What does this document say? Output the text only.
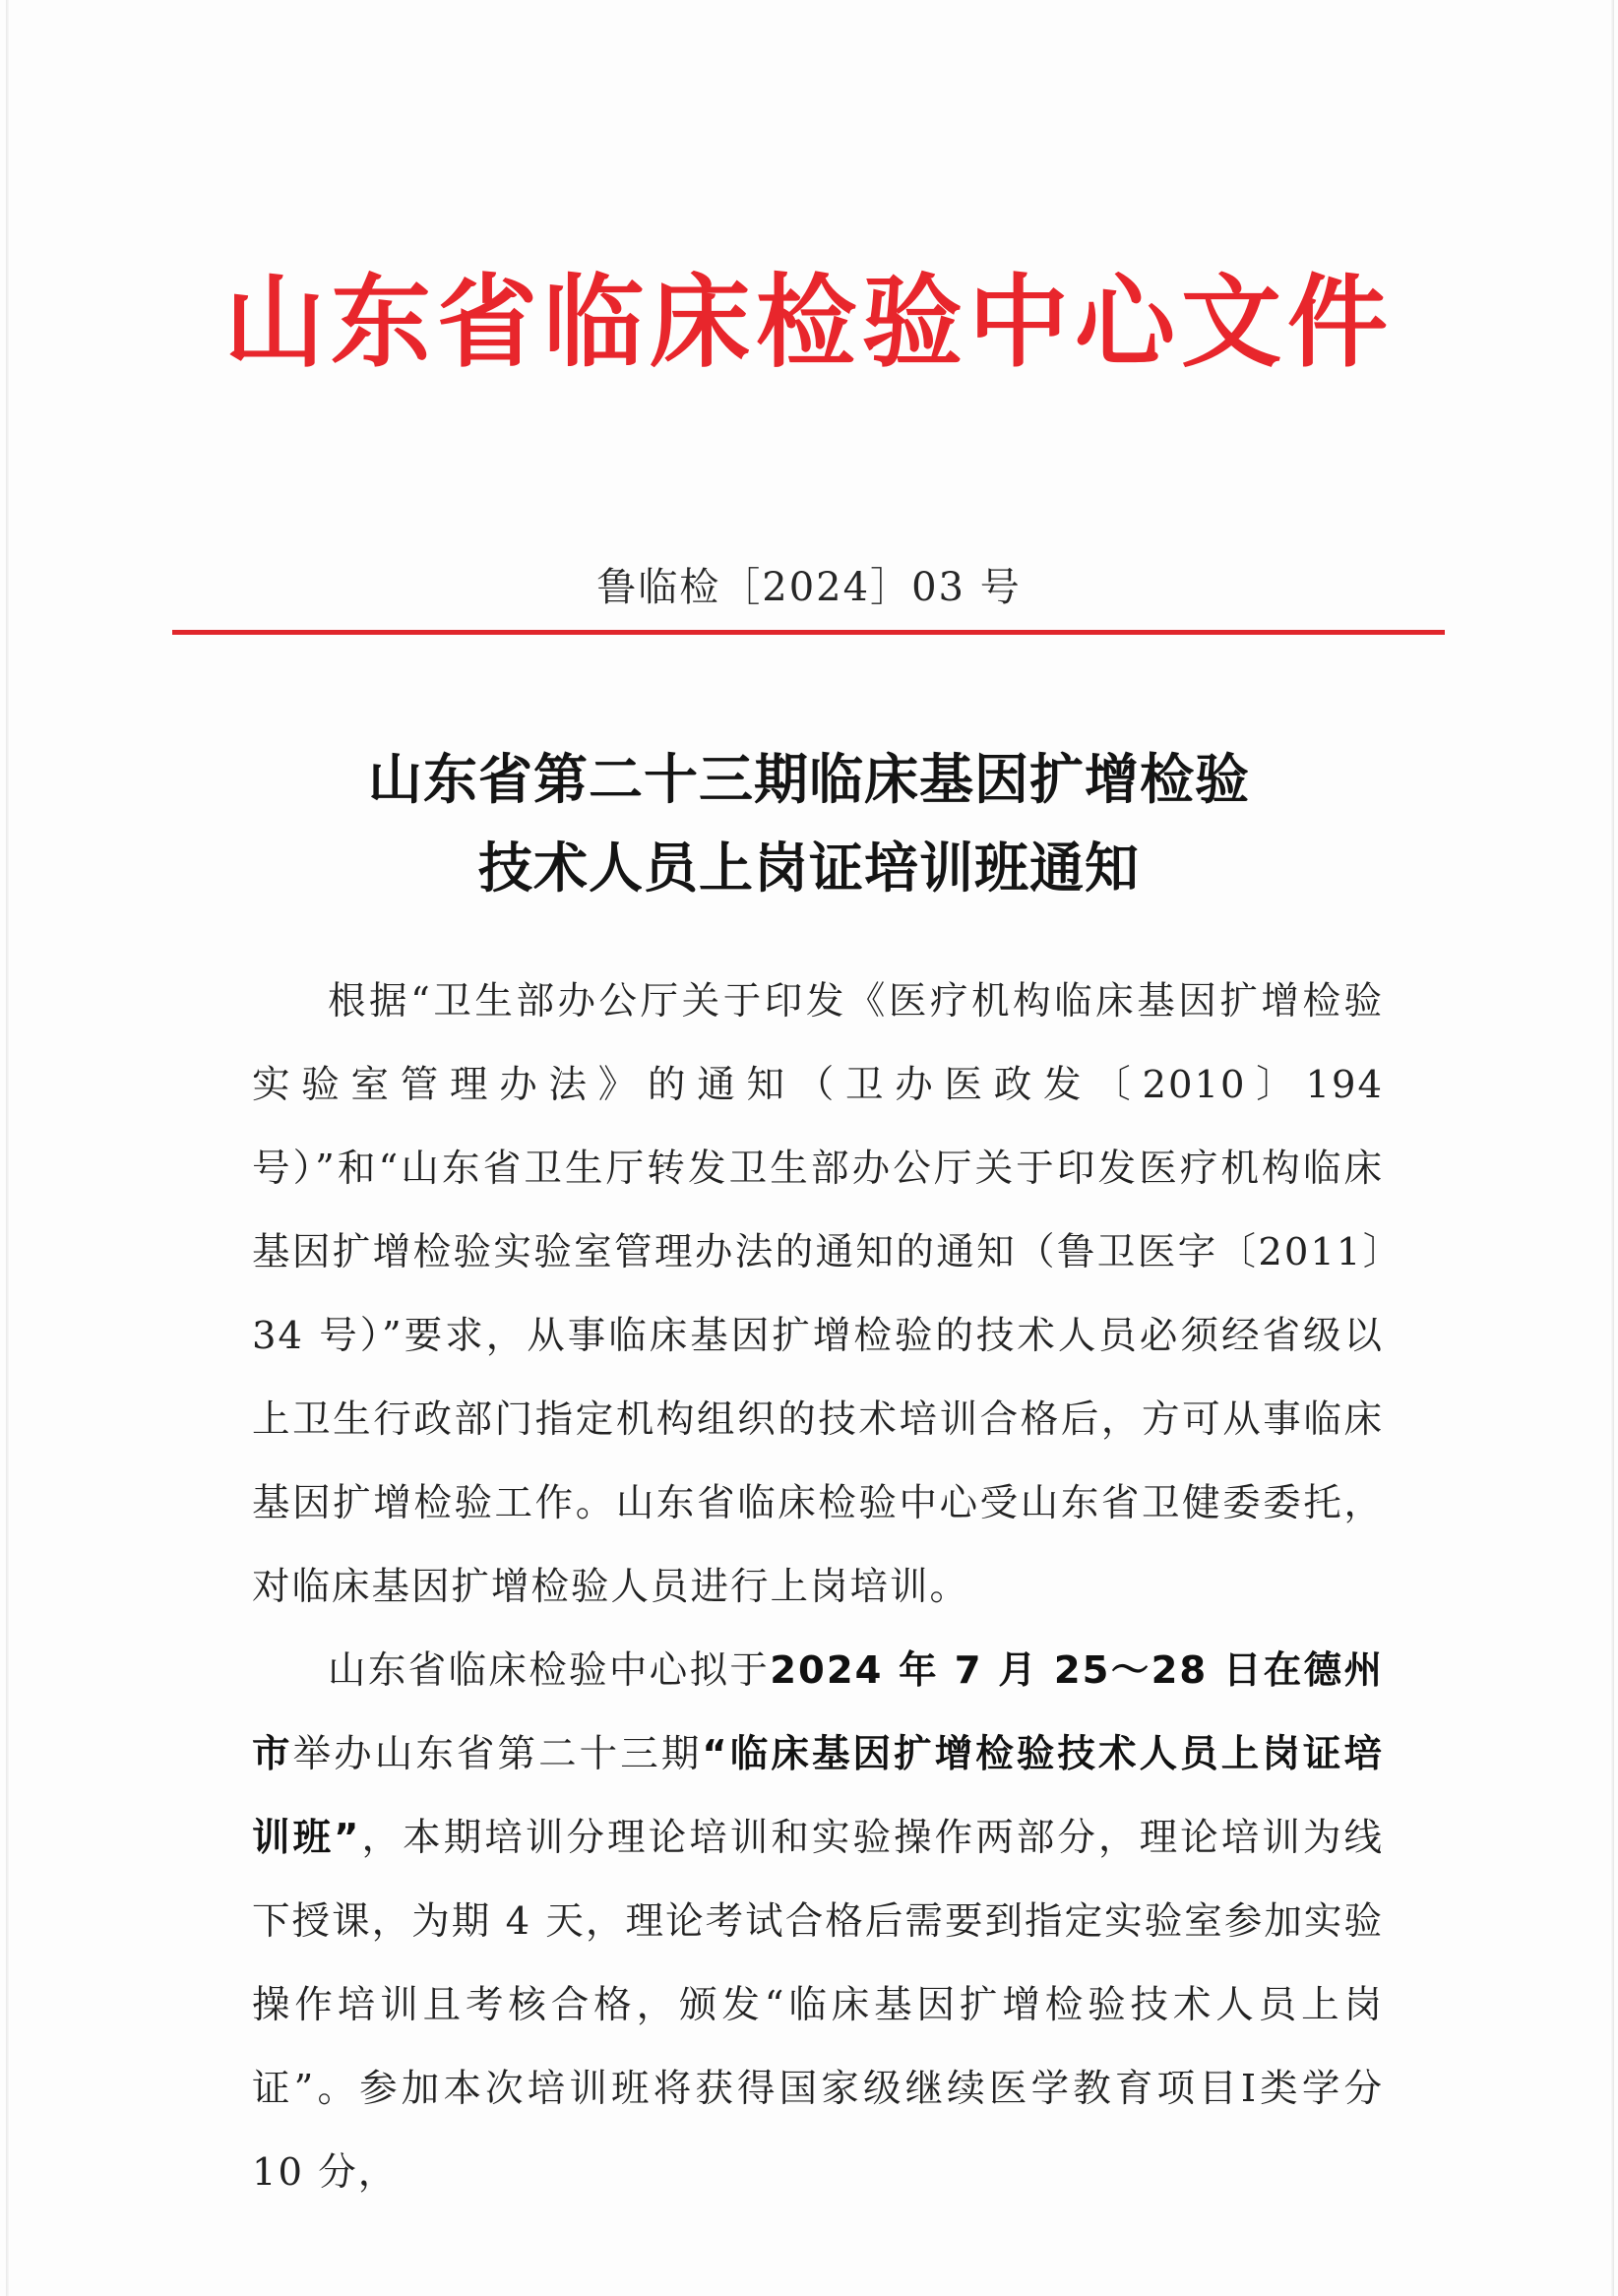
山东省临床检验中心文件
鲁临检［2024］03 号
山东省第二十三期临床基因扩增检验
技术人员上岗证培训班通知

根据“卫生部办公厅关于印发《医疗机构临床基因扩增检验实验室管理办法》的通知（卫办医政发〔2010〕194 号）”和“山东省卫生厅转发卫生部办公厅关于印发医疗机构临床基因扩增检验实验室管理办法的通知的通知（鲁卫医字〔2011〕34 号）”要求，从事临床基因扩增检验的技术人员必须经省级以上卫生行政部门指定机构组织的技术培训合格后，方可从事临床基因扩增检验工作。山东省临床检验中心受山东省卫健委委托，对临床基因扩增检验人员进行上岗培训。

山东省临床检验中心拟于2024 年 7 月 25～28 日在德州市举办山东省第二十三期“临床基因扩增检验技术人员上岗证培训班”，本期培训分理论培训和实验操作两部分，理论培训为线下授课，为期 4 天，理论考试合格后需要到指定实验室参加实验操作培训且考核合格，颁发“临床基因扩增检验技术人员上岗证”。参加本次培训班将获得国家级继续医学教育项目Ⅰ类学分 10 分，
